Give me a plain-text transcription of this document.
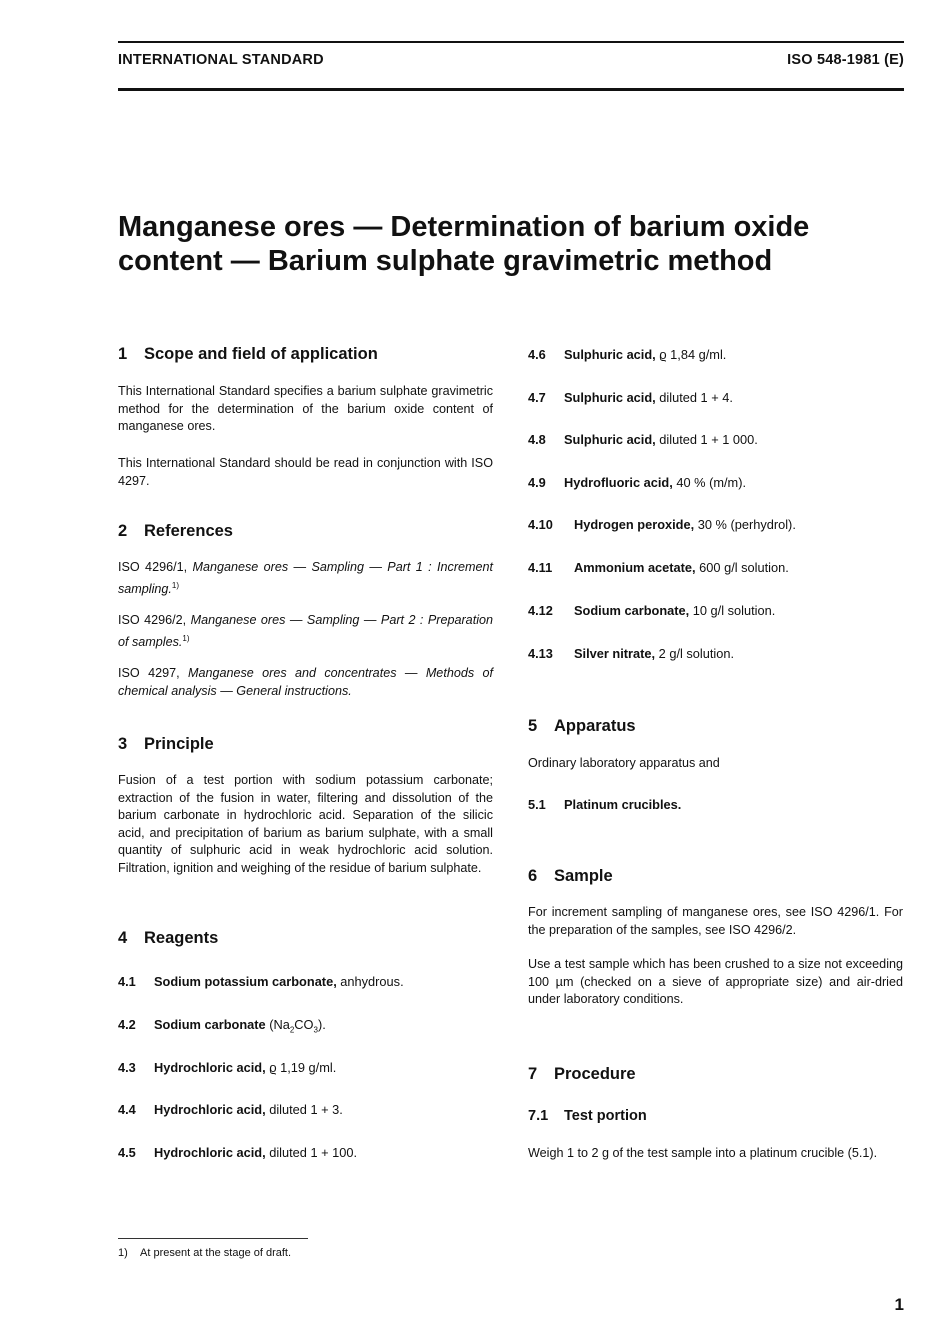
INTERNATIONAL STANDARD	ISO 548-1981 (E)
Manganese ores — Determination of barium oxide
content — Barium sulphate gravimetric method
1 Scope and field of application
This International Standard specifies a barium sulphate gravimetric method for the determination of the barium oxide content of manganese ores.
This International Standard should be read in conjunction with ISO 4297.
2 References
ISO 4296/1, Manganese ores — Sampling — Part 1 : Increment sampling.$^{1)}$
ISO 4296/2, Manganese ores — Sampling — Part 2 : Preparation of samples.$^{1)}$
ISO 4297, Manganese ores and concentrates — Methods of chemical analysis — General instructions.
3 Principle
Fusion of a test portion with sodium potassium carbonate; extraction of the fusion in water, filtering and dissolution of the barium carbonate in hydrochloric acid. Separation of the silicic acid, and precipitation of barium as barium sulphate, with a small quantity of sulphuric acid in weak hydrochloric acid solution. Filtration, ignition and weighing of the residue of barium sulphate.
4 Reagents
4.1 Sodium potassium carbonate, anhydrous.
4.2 Sodium carbonate $(Na_2CO_3)$.
4.3 Hydrochloric acid, ϱ 1,19 g/ml.
4.4 Hydrochloric acid, diluted 1 + 3.
4.5 Hydrochloric acid, diluted 1 + 100.
4.6 Sulphuric acid, ϱ 1,84 g/ml.
4.7 Sulphuric acid, diluted 1 + 4.
4.8 Sulphuric acid, diluted 1 + 1 000.
4.9 Hydrofluoric acid, 40 % (m/m).
4.10 Hydrogen peroxide, 30 % (perhydrol).
4.11 Ammonium acetate, 600 g/l solution.
4.12 Sodium carbonate, 10 g/l solution.
4.13 Silver nitrate, 2 g/l solution.
5 Apparatus
Ordinary laboratory apparatus and
5.1 Platinum crucibles.
6 Sample
For increment sampling of manganese ores, see ISO 4296/1. For the preparation of the samples, see ISO 4296/2.
Use a test sample which has been crushed to a size not exceeding 100 µm (checked on a sieve of appropriate size) and air-dried under laboratory conditions.
7 Procedure
7.1 Test portion
Weigh 1 to 2 g of the test sample into a platinum crucible (5.1).
1) At present at the stage of draft.
1
